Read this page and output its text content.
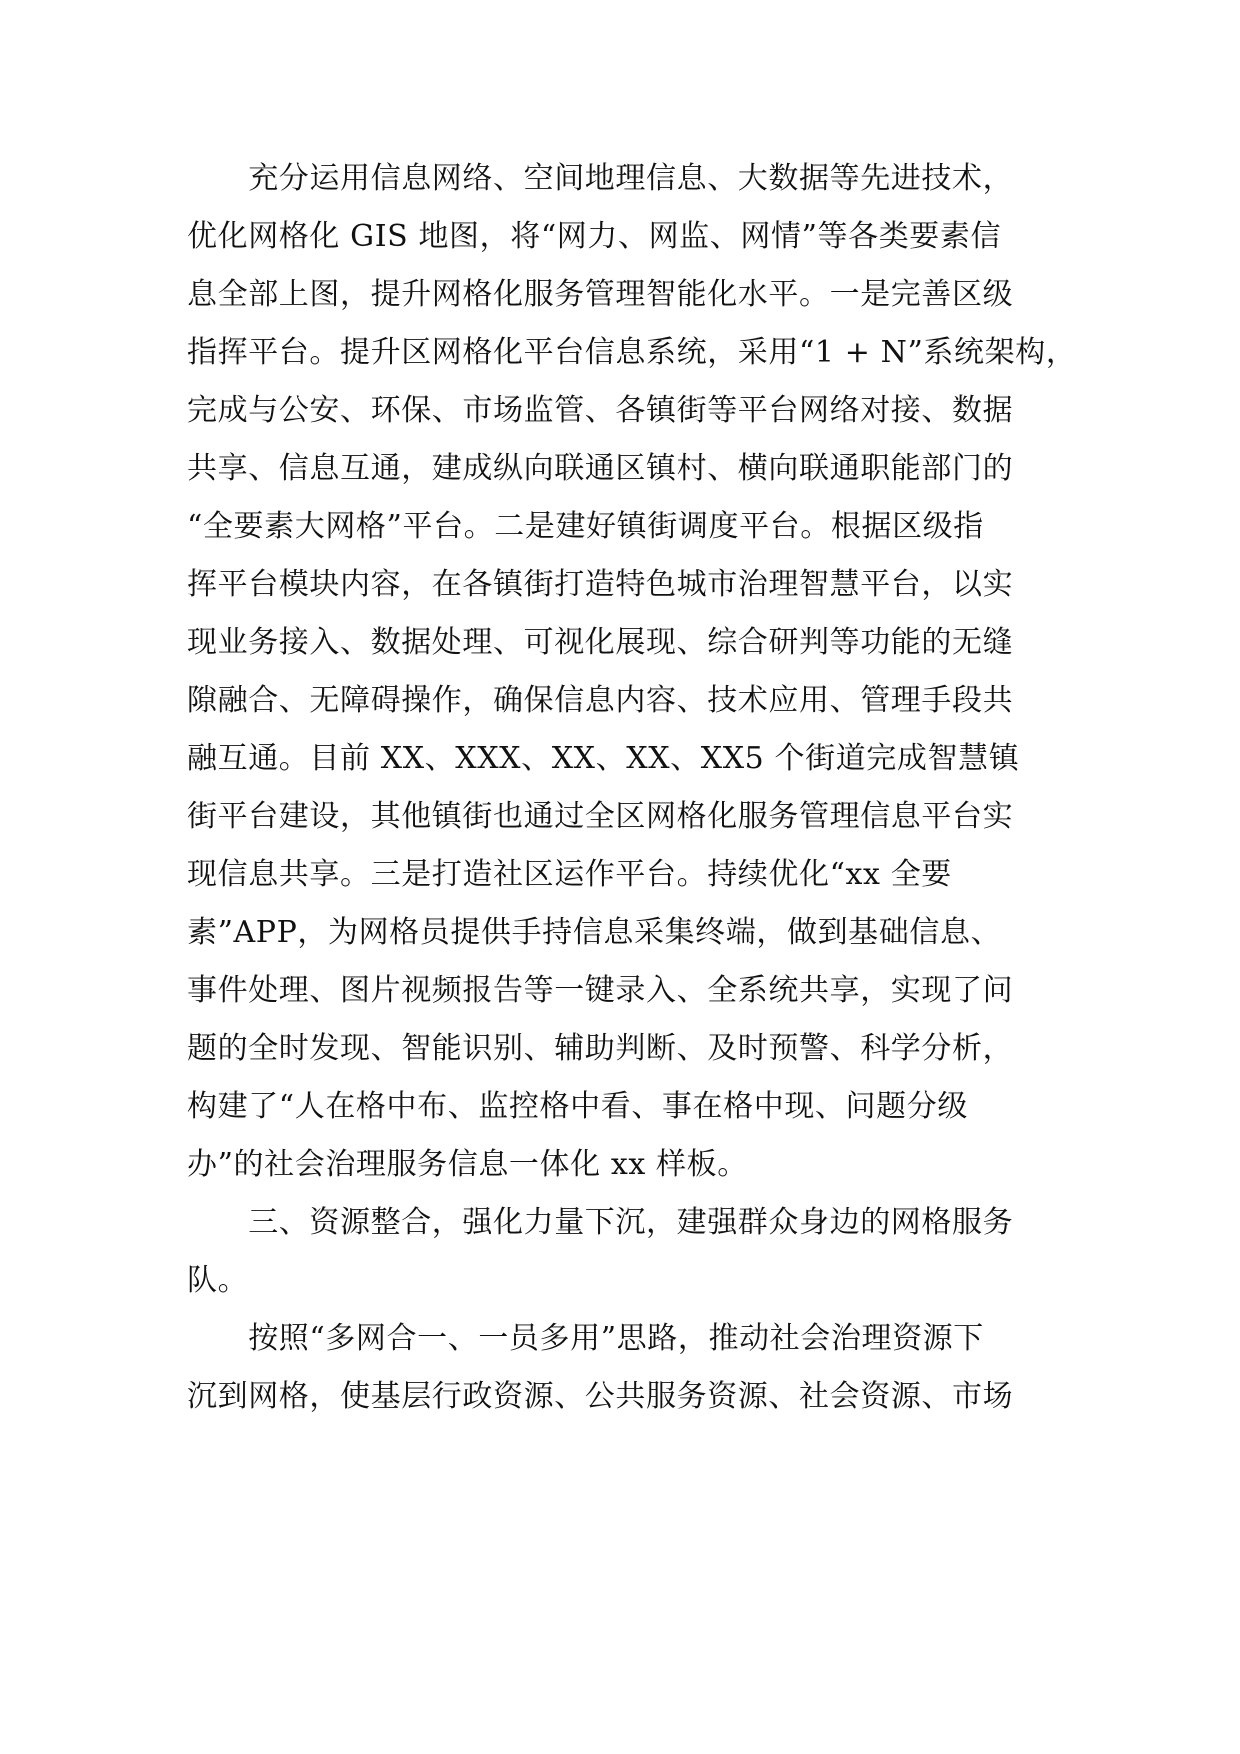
　　充分运用信息网络、空间地理信息、大数据等先进技术，
优化网格化 GIS 地图，将“网力、网监、网情”等各类要素信
息全部上图，提升网格化服务管理智能化水平。一是完善区级
指挥平台。提升区网格化平台信息系统，采用“1 + N”系统架构，
完成与公安、环保、市场监管、各镇街等平台网络对接、数据
共享、信息互通，建成纵向联通区镇村、横向联通职能部门的
“全要素大网格”平台。二是建好镇街调度平台。根据区级指
挥平台模块内容，在各镇街打造特色城市治理智慧平台，以实
现业务接入、数据处理、可视化展现、综合研判等功能的无缝
隙融合、无障碍操作，确保信息内容、技术应用、管理手段共
融互通。目前 XX、XXX、XX、XX、XX5 个街道完成智慧镇
街平台建设，其他镇街也通过全区网格化服务管理信息平台实
现信息共享。三是打造社区运作平台。持续优化“xx 全要
素”APP，为网格员提供手持信息采集终端，做到基础信息、
事件处理、图片视频报告等一键录入、全系统共享，实现了问
题的全时发现、智能识别、辅助判断、及时预警、科学分析，
构建了“人在格中布、监控格中看、事在格中现、问题分级
办”的社会治理服务信息一体化 xx 样板。
　　三、资源整合，强化力量下沉，建强群众身边的网格服务
队。
　　按照“多网合一、一员多用”思路，推动社会治理资源下
沉到网格，使基层行政资源、公共服务资源、社会资源、市场
